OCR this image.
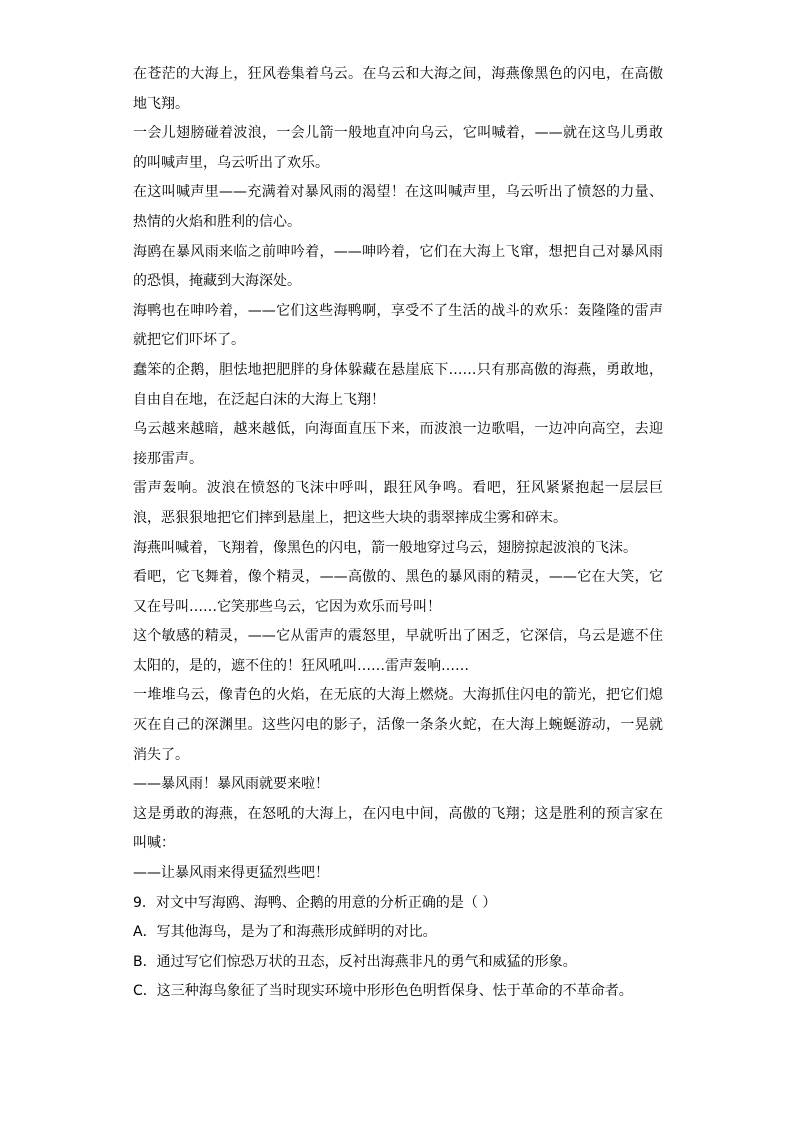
在苍茫的大海上，狂风卷集着乌云。在乌云和大海之间，海燕像黑色的闪电，在高傲地飞翔。

一会儿翅膀碰着波浪，一会儿箭一般地直冲向乌云，它叫喊着，——就在这鸟儿勇敢的叫喊声里，乌云听出了欢乐。

在这叫喊声里——充满着对暴风雨的渴望！在这叫喊声里，乌云听出了愤怒的力量、热情的火焰和胜利的信心。

海鸥在暴风雨来临之前呻吟着，——呻吟着，它们在大海上飞窜，想把自己对暴风雨的恐惧，掩藏到大海深处。

海鸭也在呻吟着，——它们这些海鸭啊，享受不了生活的战斗的欢乐：轰隆隆的雷声就把它们吓坏了。

蠢笨的企鹅，胆怯地把肥胖的身体躲藏在悬崖底下……只有那高傲的海燕，勇敢地，自由自在地，在泛起白沫的大海上飞翔！

乌云越来越暗，越来越低，向海面直压下来，而波浪一边歌唱，一边冲向高空，去迎接那雷声。

雷声轰响。波浪在愤怒的飞沫中呼叫，跟狂风争鸣。看吧，狂风紧紧抱起一层层巨浪，恶狠狠地把它们摔到悬崖上，把这些大块的翡翠摔成尘雾和碎末。

海燕叫喊着，飞翔着，像黑色的闪电，箭一般地穿过乌云，翅膀掠起波浪的飞沫。

看吧，它飞舞着，像个精灵，——高傲的、黑色的暴风雨的精灵，——它在大笑，它又在号叫……它笑那些乌云，它因为欢乐而号叫！

这个敏感的精灵，——它从雷声的震怒里，早就听出了困乏，它深信，乌云是遮不住太阳的，是的，遮不住的！狂风吼叫……雷声轰响……

一堆堆乌云，像青色的火焰，在无底的大海上燃烧。大海抓住闪电的箭光，把它们熄灭在自己的深渊里。这些闪电的影子，活像一条条火蛇，在大海上蜿蜒游动，一晃就消失了。

——暴风雨！暴风雨就要来啦！

这是勇敢的海燕，在怒吼的大海上，在闪电中间，高傲的飞翔；这是胜利的预言家在叫喊：

——让暴风雨来得更猛烈些吧！

9．对文中写海鸥、海鸭、企鹅的用意的分析正确的是（ ）

A．写其他海鸟，是为了和海燕形成鲜明的对比。

B．通过写它们惊恐万状的丑态，反衬出海燕非凡的勇气和威猛的形象。

C．这三种海鸟象征了当时现实环境中形形色色明哲保身、怯于革命的不革命者。
